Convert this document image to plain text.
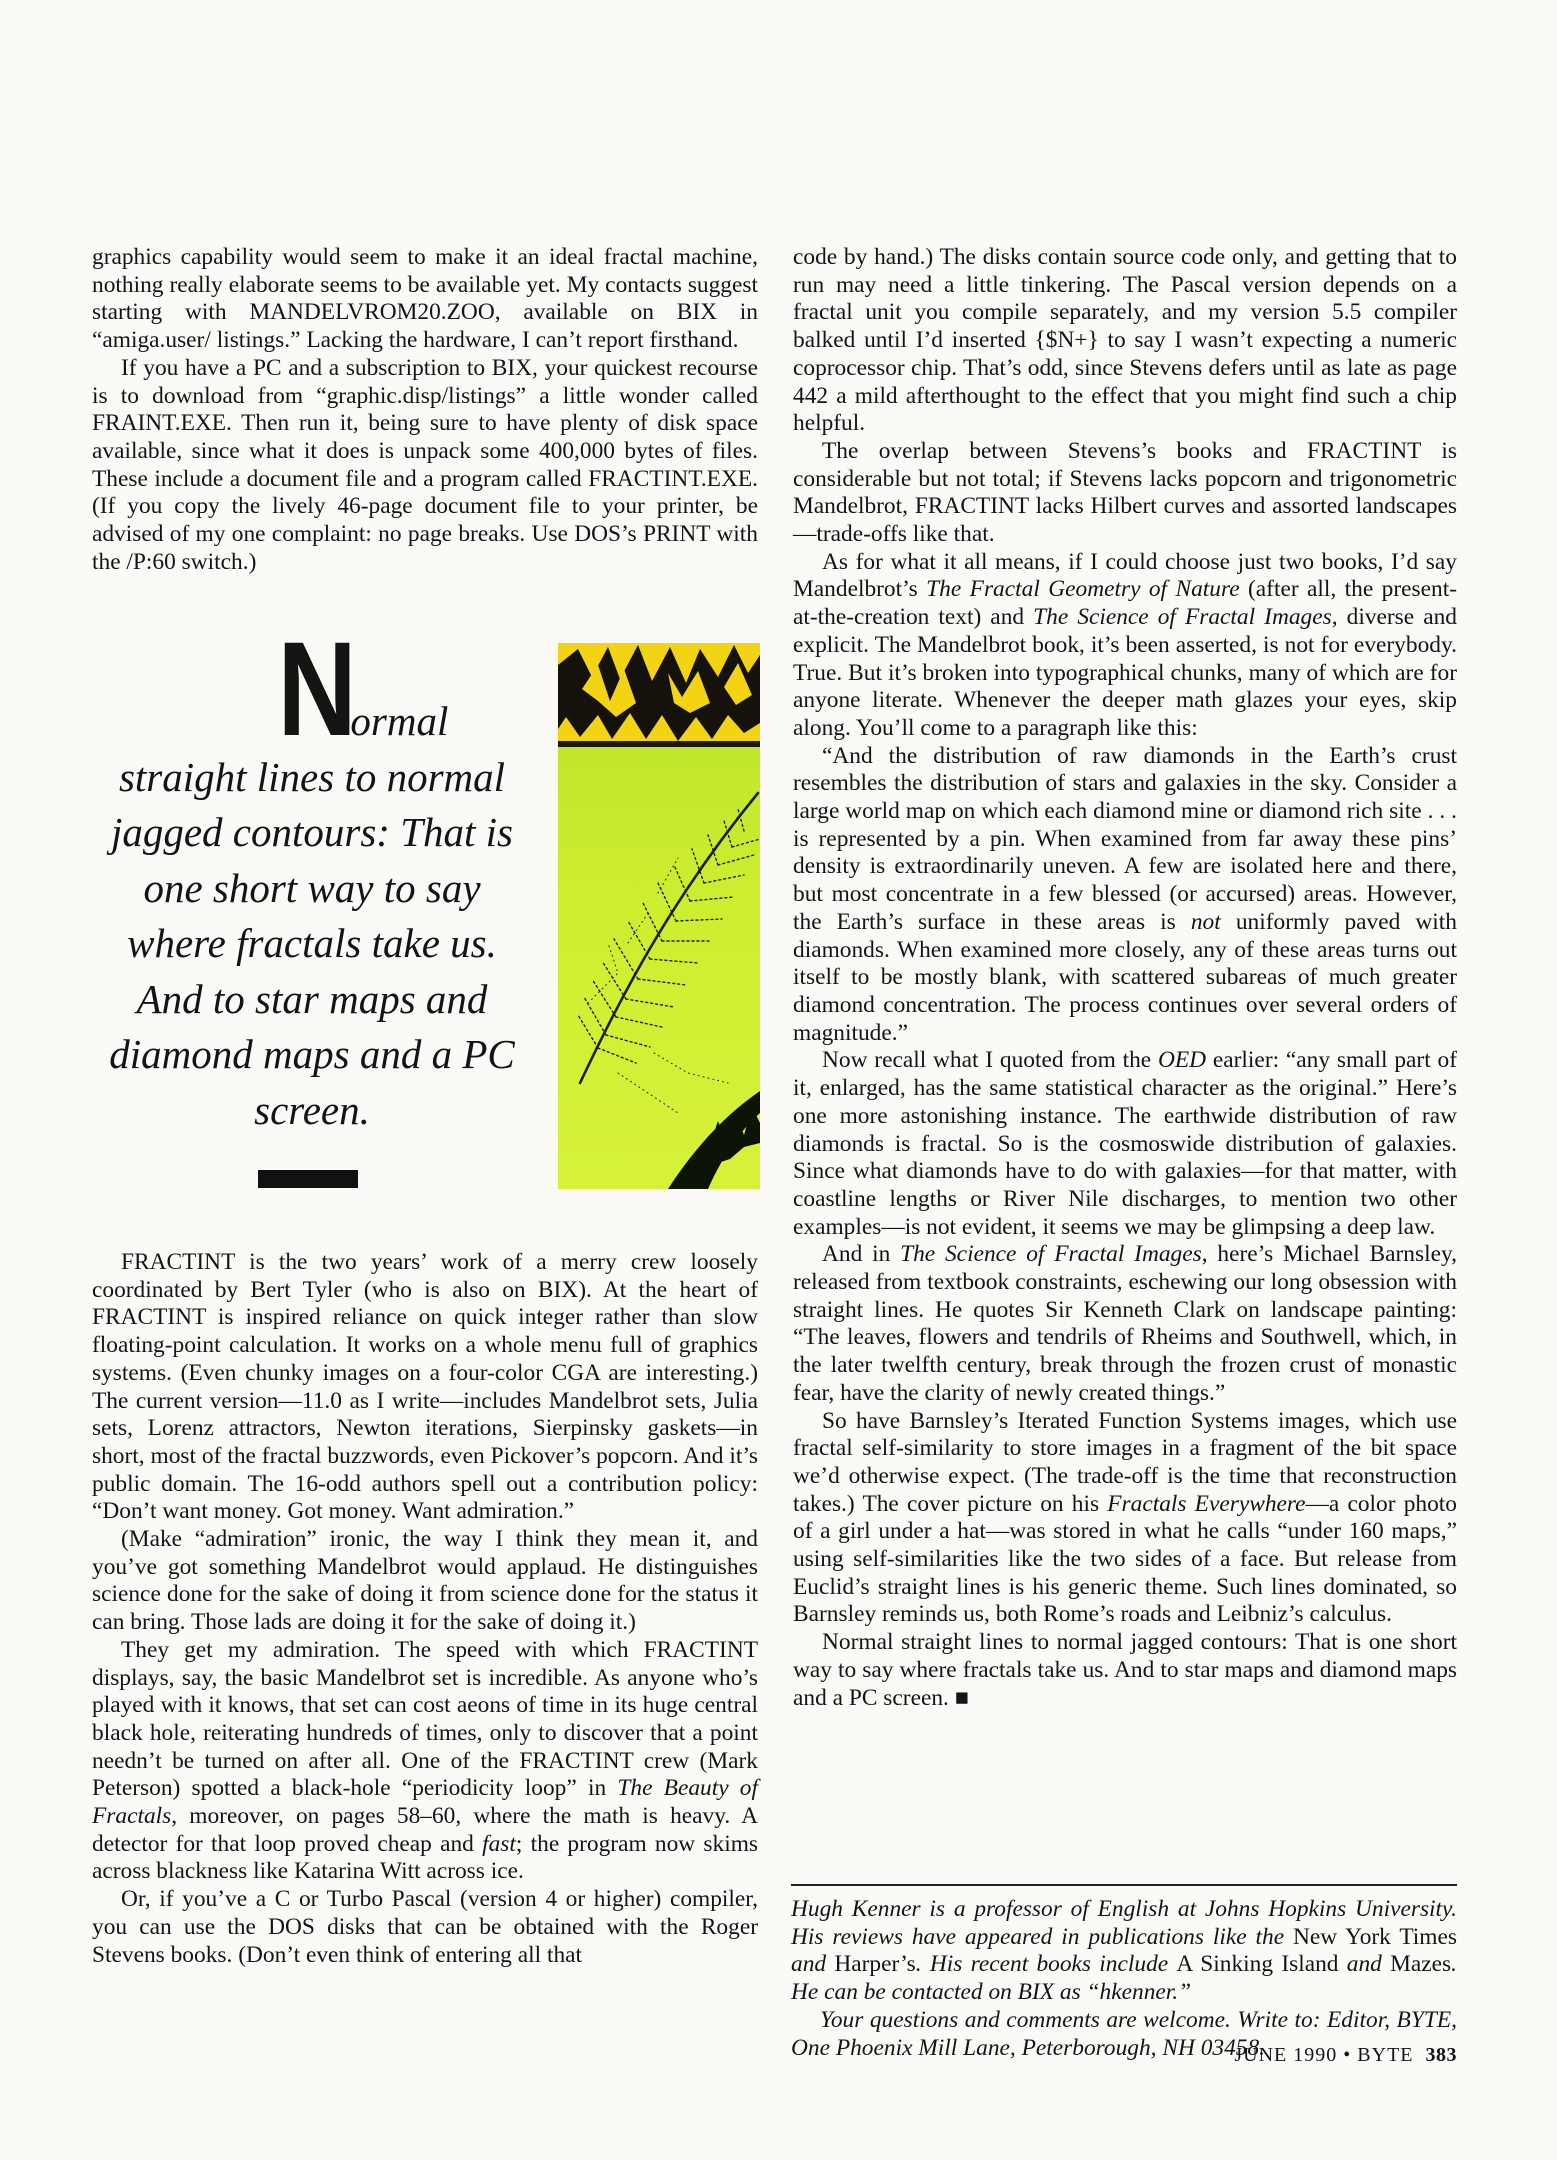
graphics capability would seem to make it an ideal fractal machine, nothing really elaborate seems to be available yet. My contacts suggest starting with MANDELVROM20.ZOO, available on BIX in “amiga.user/ listings.” Lacking the hardware, I can’t report firsthand.

If you have a PC and a subscription to BIX, your quickest recourse is to download from “graphic.disp/listings” a little wonder called FRAINT.EXE. Then run it, being sure to have plenty of disk space available, since what it does is unpack some 400,000 bytes of files. These include a document file and a program called FRACTINT.EXE. (If you copy the lively 46-page document file to your printer, be advised of my one complaint: no page breaks. Use DOS’s PRINT with the /P:60 switch.)

Normal
straight lines to normal jagged contours: That is one short way to say where fractals take us. And to star maps and diamond maps and a PC screen.

FRACTINT is the two years’ work of a merry crew loosely coordinated by Bert Tyler (who is also on BIX). At the heart of FRACTINT is inspired reliance on quick integer rather than slow floating-point calculation. It works on a whole menu full of graphics systems. (Even chunky images on a four-color CGA are interesting.) The current version—11.0 as I write—includes Mandelbrot sets, Julia sets, Lorenz attractors, Newton iterations, Sierpinsky gaskets—in short, most of the fractal buzzwords, even Pickover’s popcorn. And it’s public domain. The 16-odd authors spell out a contribution policy: “Don’t want money. Got money. Want admiration.”

(Make “admiration” ironic, the way I think they mean it, and you’ve got something Mandelbrot would applaud. He distinguishes science done for the sake of doing it from science done for the status it can bring. Those lads are doing it for the sake of doing it.)

They get my admiration. The speed with which FRACTINT displays, say, the basic Mandelbrot set is incredible. As anyone who’s played with it knows, that set can cost aeons of time in its huge central black hole, reiterating hundreds of times, only to discover that a point needn’t be turned on after all. One of the FRACTINT crew (Mark Peterson) spotted a black-hole “periodicity loop” in The Beauty of Fractals, moreover, on pages 58–60, where the math is heavy. A detector for that loop proved cheap and fast; the program now skims across blackness like Katarina Witt across ice.

Or, if you’ve a C or Turbo Pascal (version 4 or higher) compiler, you can use the DOS disks that can be obtained with the Roger Stevens books. (Don’t even think of entering all that

code by hand.) The disks contain source code only, and getting that to run may need a little tinkering. The Pascal version depends on a fractal unit you compile separately, and my version 5.5 compiler balked until I’d inserted {$N+} to say I wasn’t expecting a numeric coprocessor chip. That’s odd, since Stevens defers until as late as page 442 a mild afterthought to the effect that you might find such a chip helpful.

The overlap between Stevens’s books and FRACTINT is considerable but not total; if Stevens lacks popcorn and trigonometric Mandelbrot, FRACTINT lacks Hilbert curves and assorted landscapes—trade-offs like that.

As for what it all means, if I could choose just two books, I’d say Mandelbrot’s The Fractal Geometry of Nature (after all, the present-at-the-creation text) and The Science of Fractal Images, diverse and explicit. The Mandelbrot book, it’s been asserted, is not for everybody. True. But it’s broken into typographical chunks, many of which are for anyone literate. Whenever the deeper math glazes your eyes, skip along. You’ll come to a paragraph like this:

“And the distribution of raw diamonds in the Earth’s crust resembles the distribution of stars and galaxies in the sky. Consider a large world map on which each diamond mine or diamond rich site . . . is represented by a pin. When examined from far away these pins’ density is extraordinarily uneven. A few are isolated here and there, but most concentrate in a few blessed (or accursed) areas. However, the Earth’s surface in these areas is not uniformly paved with diamonds. When examined more closely, any of these areas turns out itself to be mostly blank, with scattered subareas of much greater diamond concentration. The process continues over several orders of magnitude.”

Now recall what I quoted from the OED earlier: “any small part of it, enlarged, has the same statistical character as the original.” Here’s one more astonishing instance. The earthwide distribution of raw diamonds is fractal. So is the cosmoswide distribution of galaxies. Since what diamonds have to do with galaxies—for that matter, with coastline lengths or River Nile discharges, to mention two other examples—is not evident, it seems we may be glimpsing a deep law.

And in The Science of Fractal Images, here’s Michael Barnsley, released from textbook constraints, eschewing our long obsession with straight lines. He quotes Sir Kenneth Clark on landscape painting: “The leaves, flowers and tendrils of Rheims and Southwell, which, in the later twelfth century, break through the frozen crust of monastic fear, have the clarity of newly created things.”

So have Barnsley’s Iterated Function Systems images, which use fractal self-similarity to store images in a fragment of the bit space we’d otherwise expect. (The trade-off is the time that reconstruction takes.) The cover picture on his Fractals Everywhere—a color photo of a girl under a hat—was stored in what he calls “under 160 maps,” using self-similarities like the two sides of a face. But release from Euclid’s straight lines is his generic theme. Such lines dominated, so Barnsley reminds us, both Rome’s roads and Leibniz’s calculus.

Normal straight lines to normal jagged contours: That is one short way to say where fractals take us. And to star maps and diamond maps and a PC screen. ■

Hugh Kenner is a professor of English at Johns Hopkins University. His reviews have appeared in publications like the New York Times and Harper’s. His recent books include A Sinking Island and Mazes. He can be contacted on BIX as “hkenner.”

Your questions and comments are welcome. Write to: Editor, BYTE, One Phoenix Mill Lane, Peterborough, NH 03458.

JUNE 1990 • BYTE 383
